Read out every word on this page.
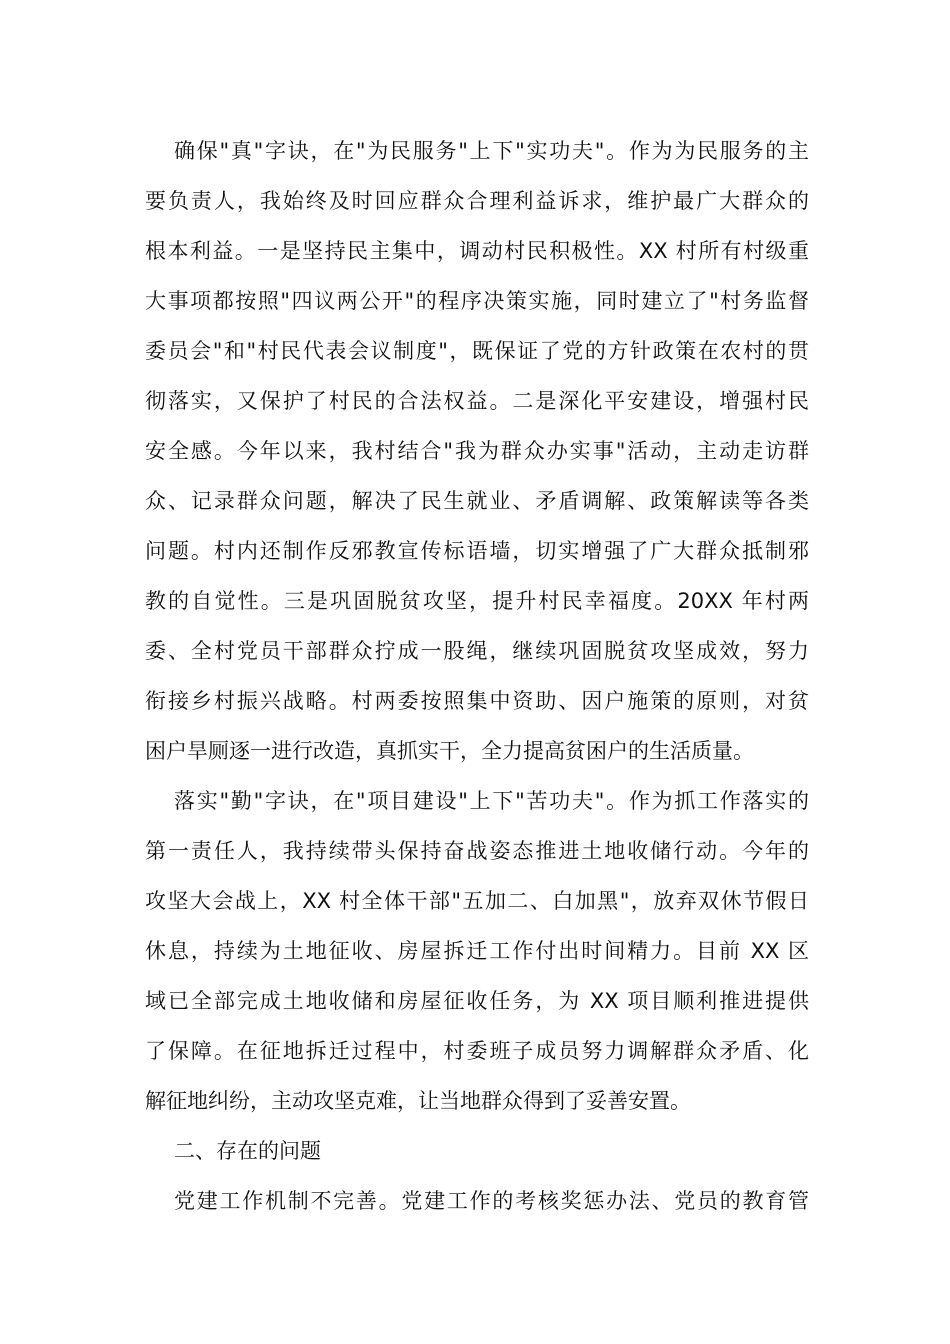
确保"真"字诀，在"为民服务"上下"实功夫"。作为为民服务的主
要负责人，我始终及时回应群众合理利益诉求，维护最广大群众的
根本利益。一是坚持民主集中，调动村民积极性。XX 村所有村级重
大事项都按照"四议两公开"的程序决策实施，同时建立了"村务监督
委员会"和"村民代表会议制度"，既保证了党的方针政策在农村的贯
彻落实，又保护了村民的合法权益。二是深化平安建设，增强村民
安全感。今年以来，我村结合"我为群众办实事"活动，主动走访群
众、记录群众问题，解决了民生就业、矛盾调解、政策解读等各类
问题。村内还制作反邪教宣传标语墙，切实增强了广大群众抵制邪
教的自觉性。三是巩固脱贫攻坚，提升村民幸福度。20XX 年村两
委、全村党员干部群众拧成一股绳，继续巩固脱贫攻坚成效，努力
衔接乡村振兴战略。村两委按照集中资助、因户施策的原则，对贫
困户旱厕逐一进行改造，真抓实干，全力提高贫困户的生活质量。
落实"勤"字诀，在"项目建设"上下"苦功夫"。作为抓工作落实的
第一责任人，我持续带头保持奋战姿态推进土地收储行动。今年的
攻坚大会战上，XX 村全体干部"五加二、白加黑"，放弃双休节假日
休息，持续为土地征收、房屋拆迁工作付出时间精力。目前 XX 区
域已全部完成土地收储和房屋征收任务，为 XX 项目顺利推进提供
了保障。在征地拆迁过程中，村委班子成员努力调解群众矛盾、化
解征地纠纷，主动攻坚克难，让当地群众得到了妥善安置。
二、存在的问题
党建工作机制不完善。党建工作的考核奖惩办法、党员的教育管
